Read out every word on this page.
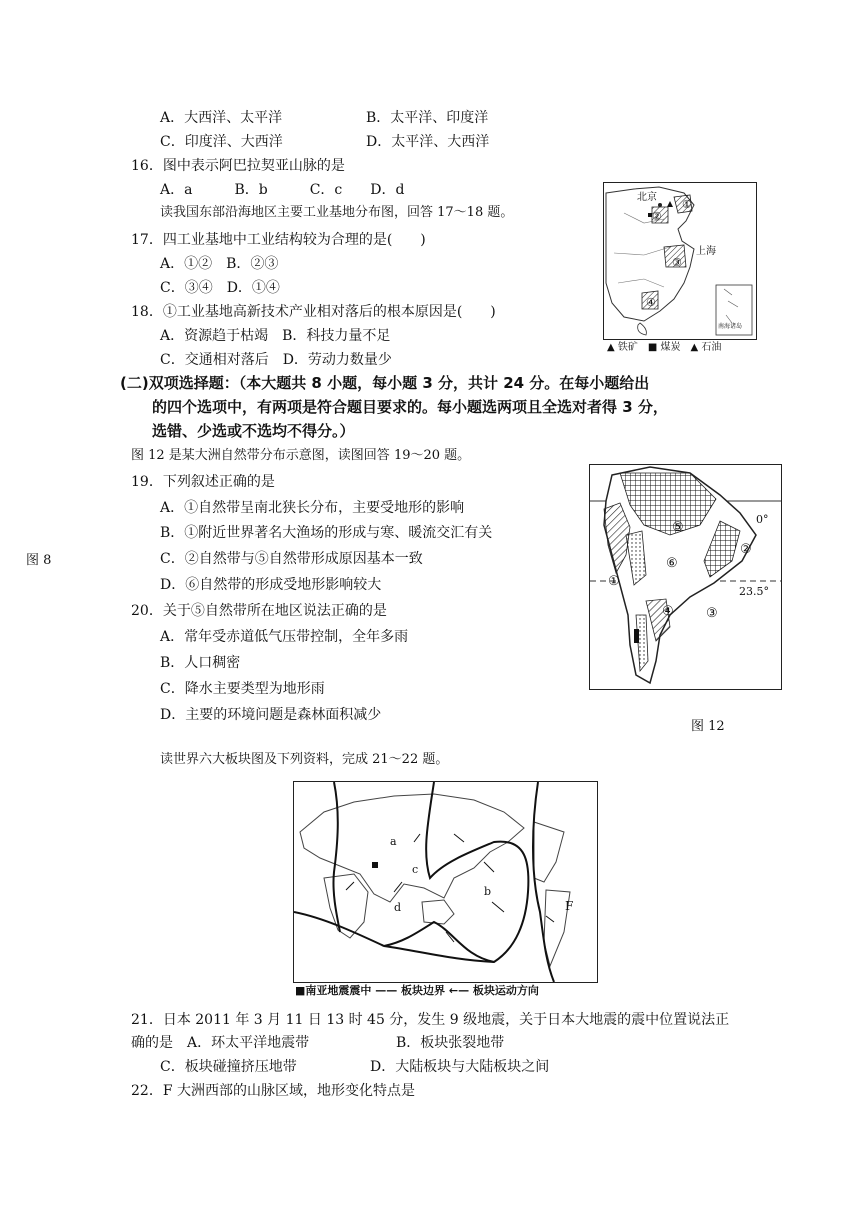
A．大西洋、太平洋	B．太平洋、印度洋
C．印度洋、大西洋	D．太平洋、大西洋
16．图中表示阿巴拉契亚山脉的是
A．a　　　B．b　　　C．c　　D．d
读我国东部沿海地区主要工业基地分布图，回答 17～18 题。
17．四工业基地中工业结构较为合理的是(　　)
A．①②　B．②③
C．③④　D．①④
18．①工业基地高新技术产业相对落后的根本原因是(　　)
A．资源趋于枯竭　B．科技力量不足
C．交通相对落后　D．劳动力数量少
北京
上海
南海诸岛
①
②
③
④
▲ 铁矿　■ 煤炭　▲ 石油
(二)双项选择题：（本大题共 8 小题，每小题 3 分，共计 24 分。在每小题给出
的四个选项中，有两项是符合题目要求的。每小题选两项且全选对者得 3 分，
选错、少选或不选均不得分。）
图 12 是某大洲自然带分布示意图，读图回答 19～20 题。
19．下列叙述正确的是
A．①自然带呈南北狭长分布，主要受地形的影响
B．①附近世界著名大渔场的形成与寒、暖流交汇有关
图 8	C．②自然带与⑤自然带形成原因基本一致
D．⑥自然带的形成受地形影响较大
20．关于⑤自然带所在地区说法正确的是
A．常年受赤道低气压带控制，全年多雨
B．人口稠密
C．降水主要类型为地形雨
D．主要的环境问题是森林面积减少
0°
23.5°
①
②
③
④
⑤
⑥
图 12
读世界六大板块图及下列资料，完成 21～22 题。
a
b
c
d	F
■南亚地震震中 —— 板块边界 ←— 板块运动方向
21．日本 2011 年 3 月 11 日 13 时 45 分，发生 9 级地震，关于日本大地震的震中位置说法正
确的是　A．环太平洋地震带	B．板块张裂地带
C．板块碰撞挤压地带	D．大陆板块与大陆板块之间
22．F 大洲西部的山脉区域，地形变化特点是
